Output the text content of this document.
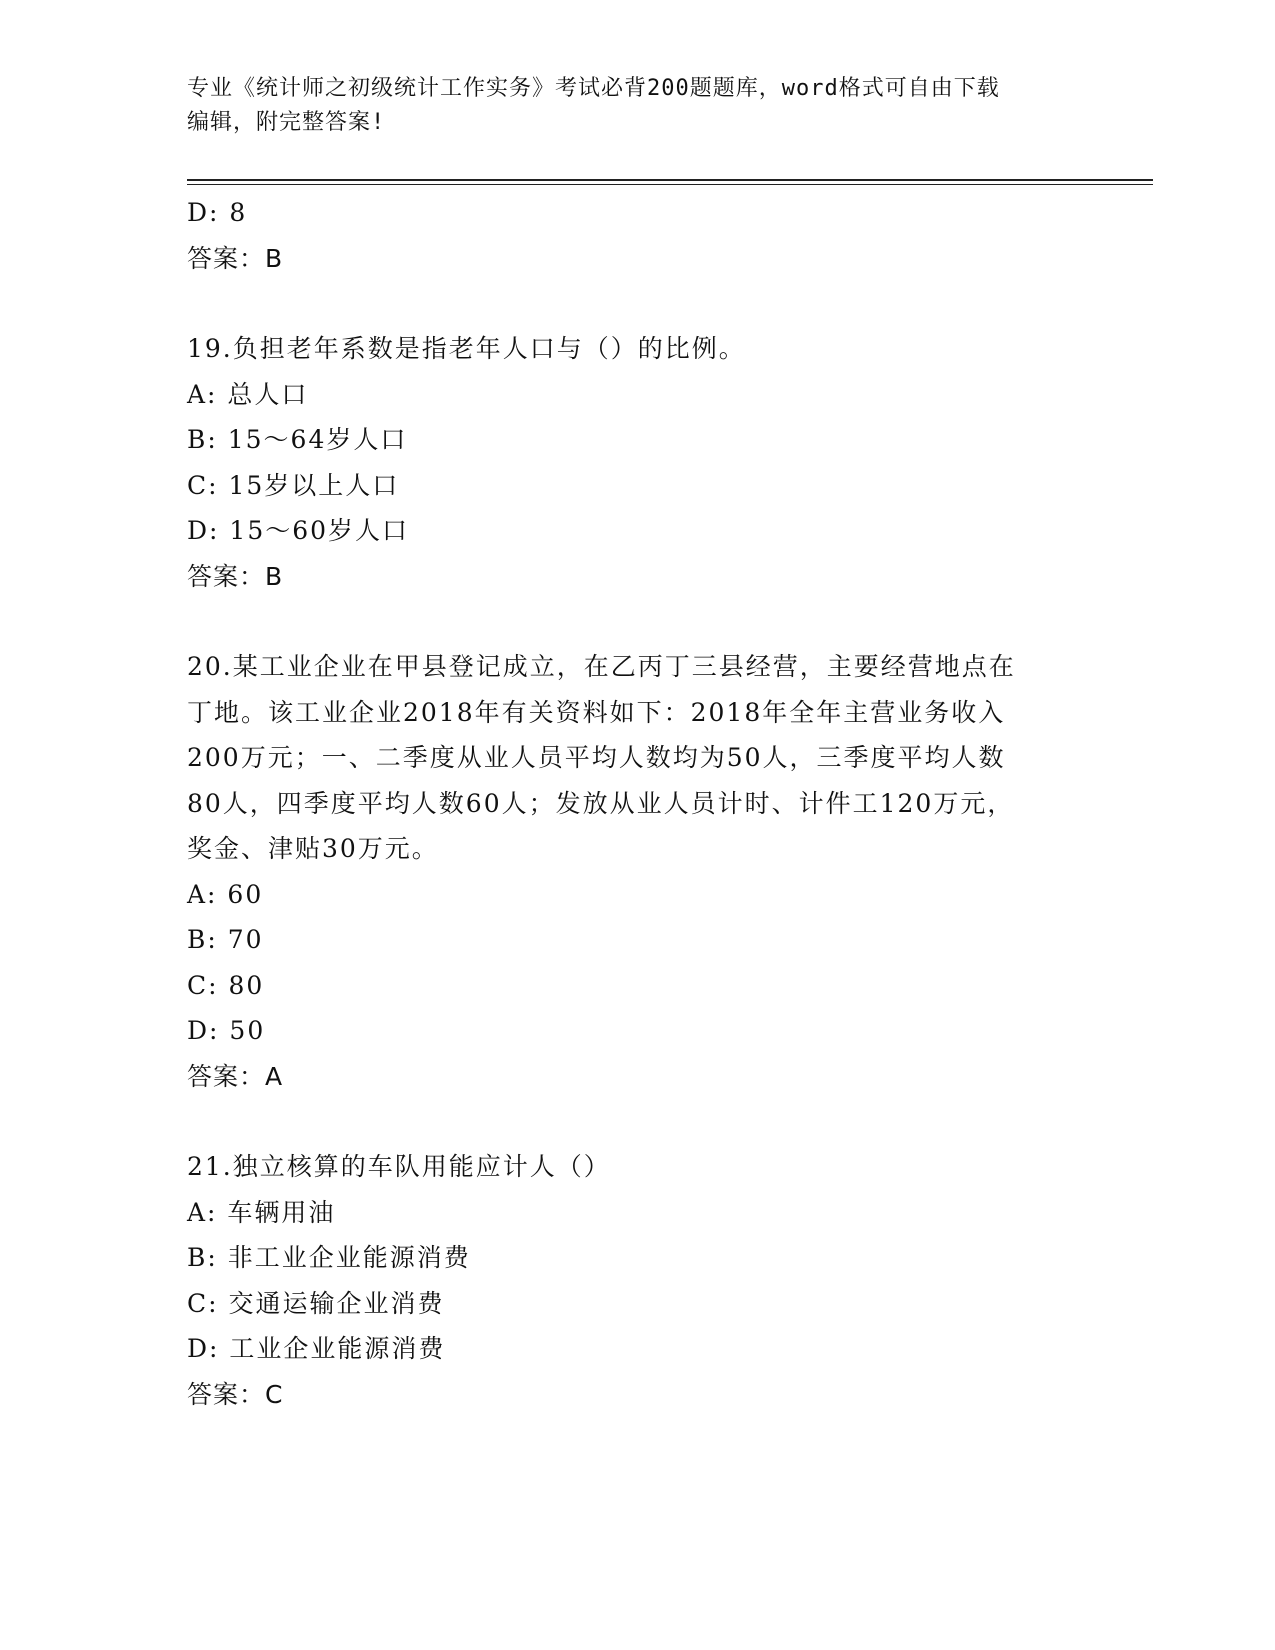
专业《统计师之初级统计工作实务》考试必背200题题库，word格式可自由下载
编辑，附完整答案!
D: 8
答案：B
19.负担老年系数是指老年人口与（）的比例。
A: 总人口
B: 15～64岁人口
C: 15岁以上人口
D: 15～60岁人口
答案：B
20.某工业企业在甲县登记成立，在乙丙丁三县经营，主要经营地点在
丁地。该工业企业2018年有关资料如下：2018年全年主营业务收入
200万元；一、二季度从业人员平均人数均为50人，三季度平均人数
80人，四季度平均人数60人；发放从业人员计时、计件工120万元，
奖金、津贴30万元。
A: 60
B: 70
C: 80
D: 50
答案：A
21.独立核算的车队用能应计人（）
A: 车辆用油
B: 非工业企业能源消费
C: 交通运输企业消费
D: 工业企业能源消费
答案：C
